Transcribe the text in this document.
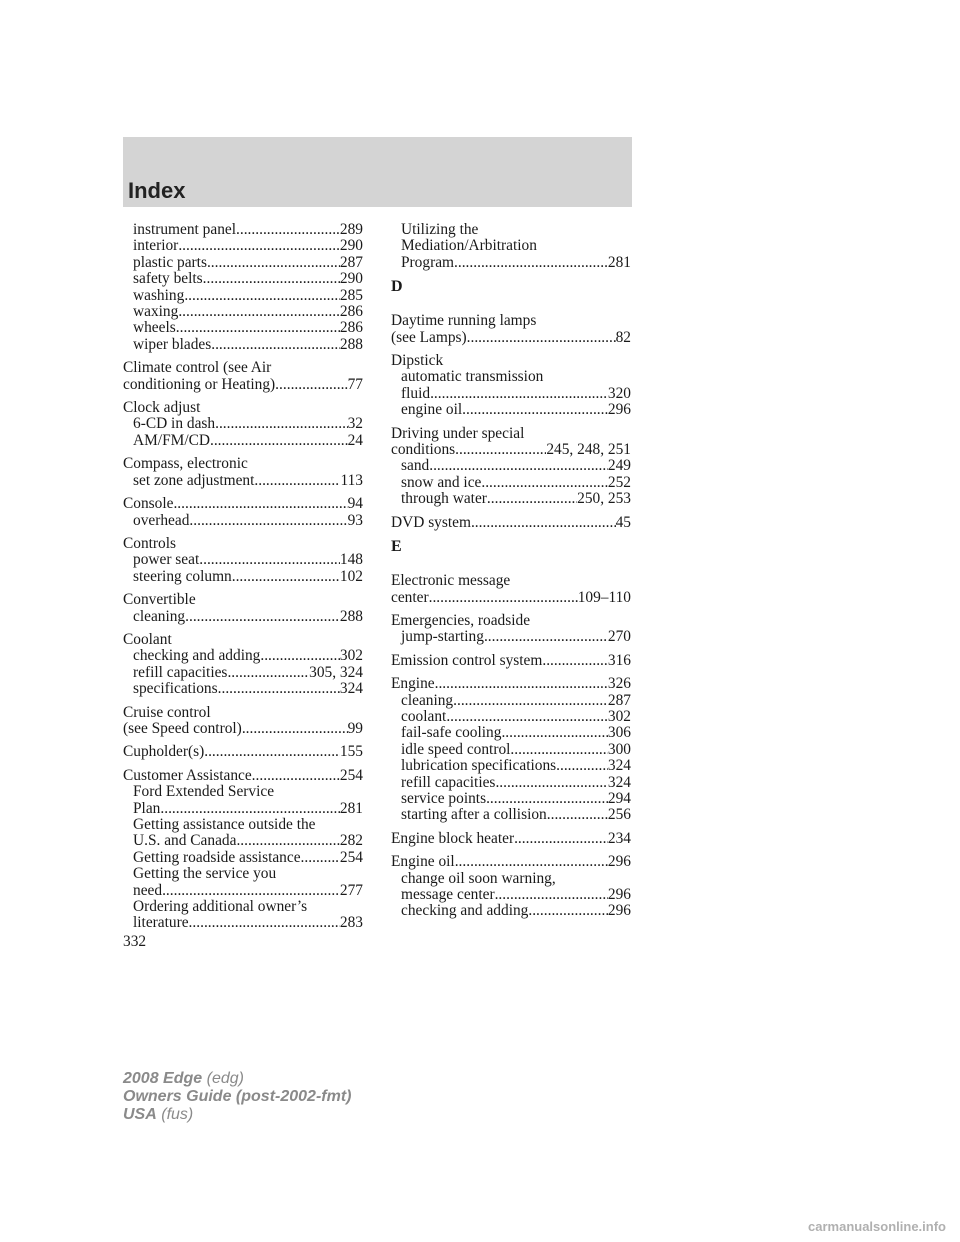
Index
instrument panel .....	289
interior .....	290
plastic parts .....	287
safety belts .....	290
washing .....	285
waxing .....	286
wheels .....	286
wiper blades .....	288
Climate control (see Air
conditioning or Heating) .....	77
Clock adjust
6-CD in dash .....	32
AM/FM/CD .....	24
Compass, electronic
set zone adjustment .....	113
Console .....	94
overhead .....	93
Controls
power seat .....	148
steering column .....	102
Convertible
cleaning .....	288
Coolant
checking and adding .....	302
refill capacities .....	305, 324
specifications .....	324
Cruise control
(see Speed control) .....	99
Cupholder(s) .....	155
Customer Assistance .....	254
Ford Extended Service
Plan .....	281
Getting assistance outside the
U.S. and Canada .....	282
Getting roadside assistance .....	254
Getting the service you
need .....	277
Ordering additional owner’s
literature .....	283
Utilizing the
Mediation/Arbitration
Program .....	281
D
Daytime running lamps
(see Lamps) .....	82
Dipstick
automatic transmission
fluid .....	320
engine oil .....	296
Driving under special
conditions .....	245, 248, 251
sand .....	249
snow and ice .....	252
through water .....	250, 253
DVD system .....	45
E
Electronic message
center .....	109–110
Emergencies, roadside
jump-starting .....	270
Emission control system .....	316
Engine .....	326
cleaning .....	287
coolant .....	302
fail-safe cooling .....	306
idle speed control .....	300
lubrication specifications .....	324
refill capacities .....	324
service points .....	294
starting after a collision .....	256
Engine block heater .....	234
Engine oil .....	296
change oil soon warning,
message center .....	296
checking and adding .....	296
332
2008 Edge (edg)
Owners Guide (post-2002-fmt)
USA (fus)
carmanualsonline.info
